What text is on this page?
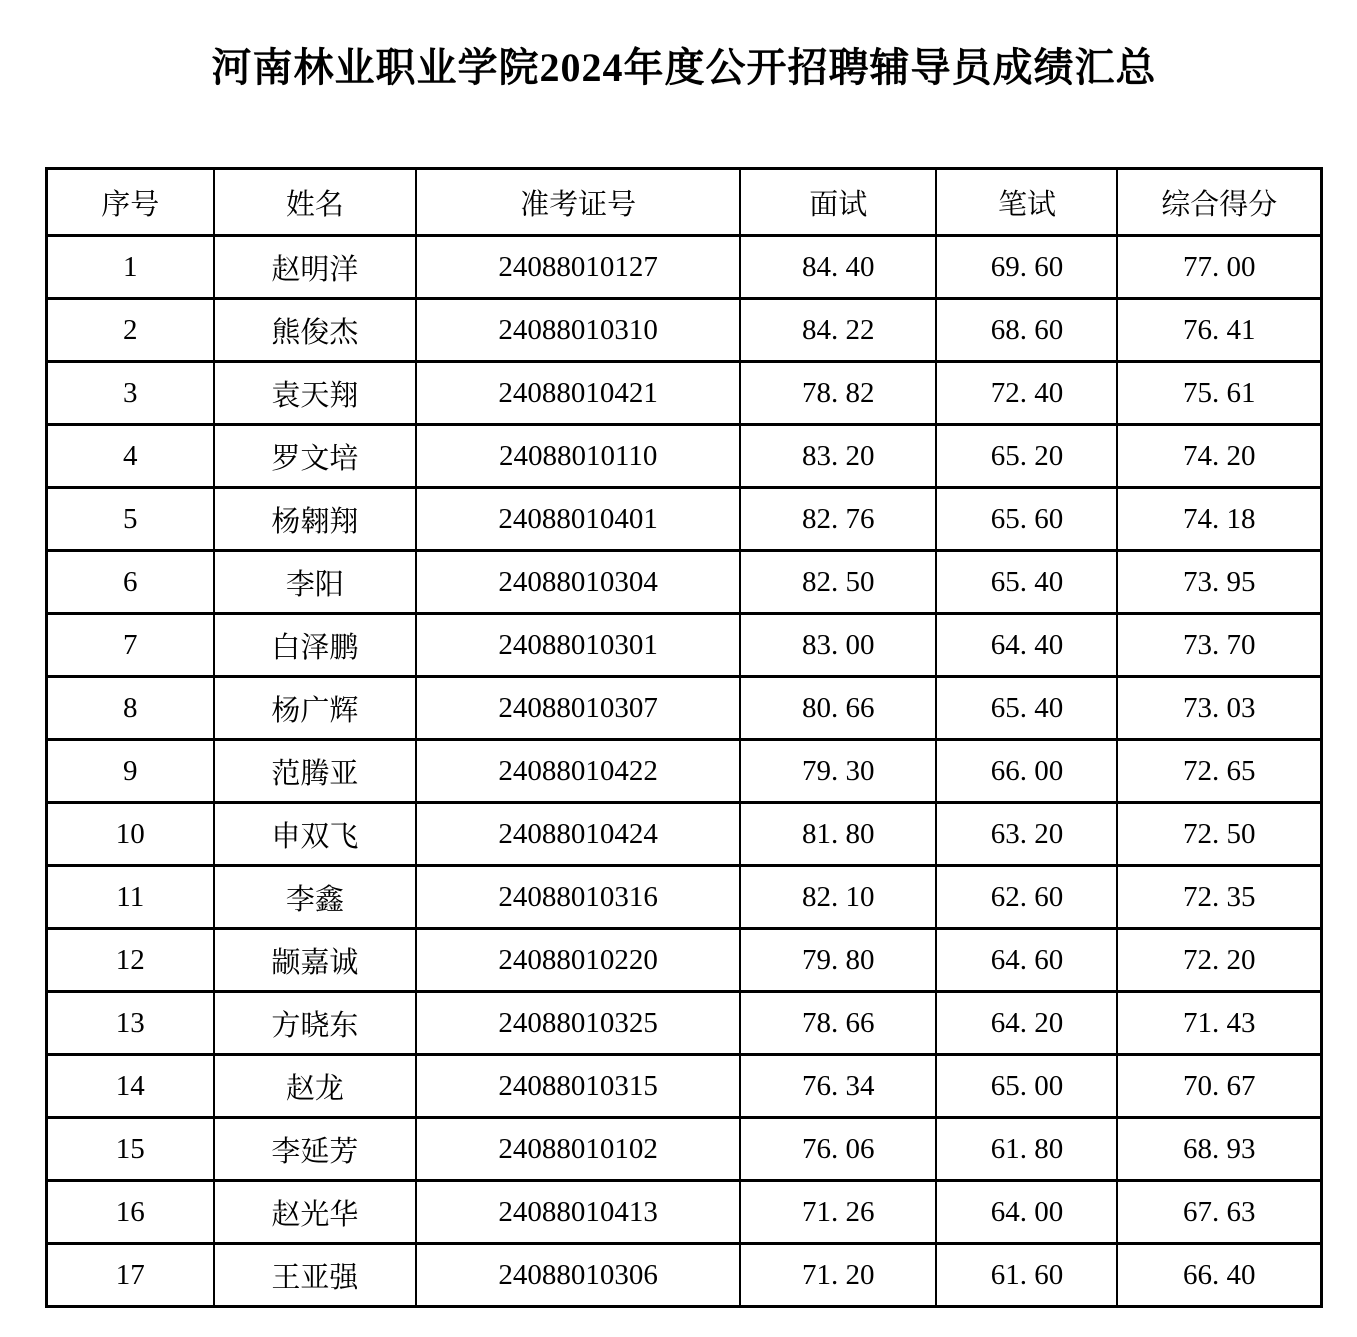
河南林业职业学院2024年度公开招聘辅导员成绩汇总
序号	姓名	准考证号	面试	笔试	综合得分
1	赵明洋	24088010127	84. 40	69. 60	77. 00
2	熊俊杰	24088010310	84. 22	68. 60	76. 41
3	袁天翔	24088010421	78. 82	72. 40	75. 61
4	罗文培	24088010110	83. 20	65. 20	74. 20
5	杨翱翔	24088010401	82. 76	65. 60	74. 18
6	李阳	24088010304	82. 50	65. 40	73. 95
7	白泽鹏	24088010301	83. 00	64. 40	73. 70
8	杨广辉	24088010307	80. 66	65. 40	73. 03
9	范腾亚	24088010422	79. 30	66. 00	72. 65
10	申双飞	24088010424	81. 80	63. 20	72. 50
11	李鑫	24088010316	82. 10	62. 60	72. 35
12	颛嘉诚	24088010220	79. 80	64. 60	72. 20
13	方晓东	24088010325	78. 66	64. 20	71. 43
14	赵龙	24088010315	76. 34	65. 00	70. 67
15	李延芳	24088010102	76. 06	61. 80	68. 93
16	赵光华	24088010413	71. 26	64. 00	67. 63
17	王亚强	24088010306	71. 20	61. 60	66. 40
